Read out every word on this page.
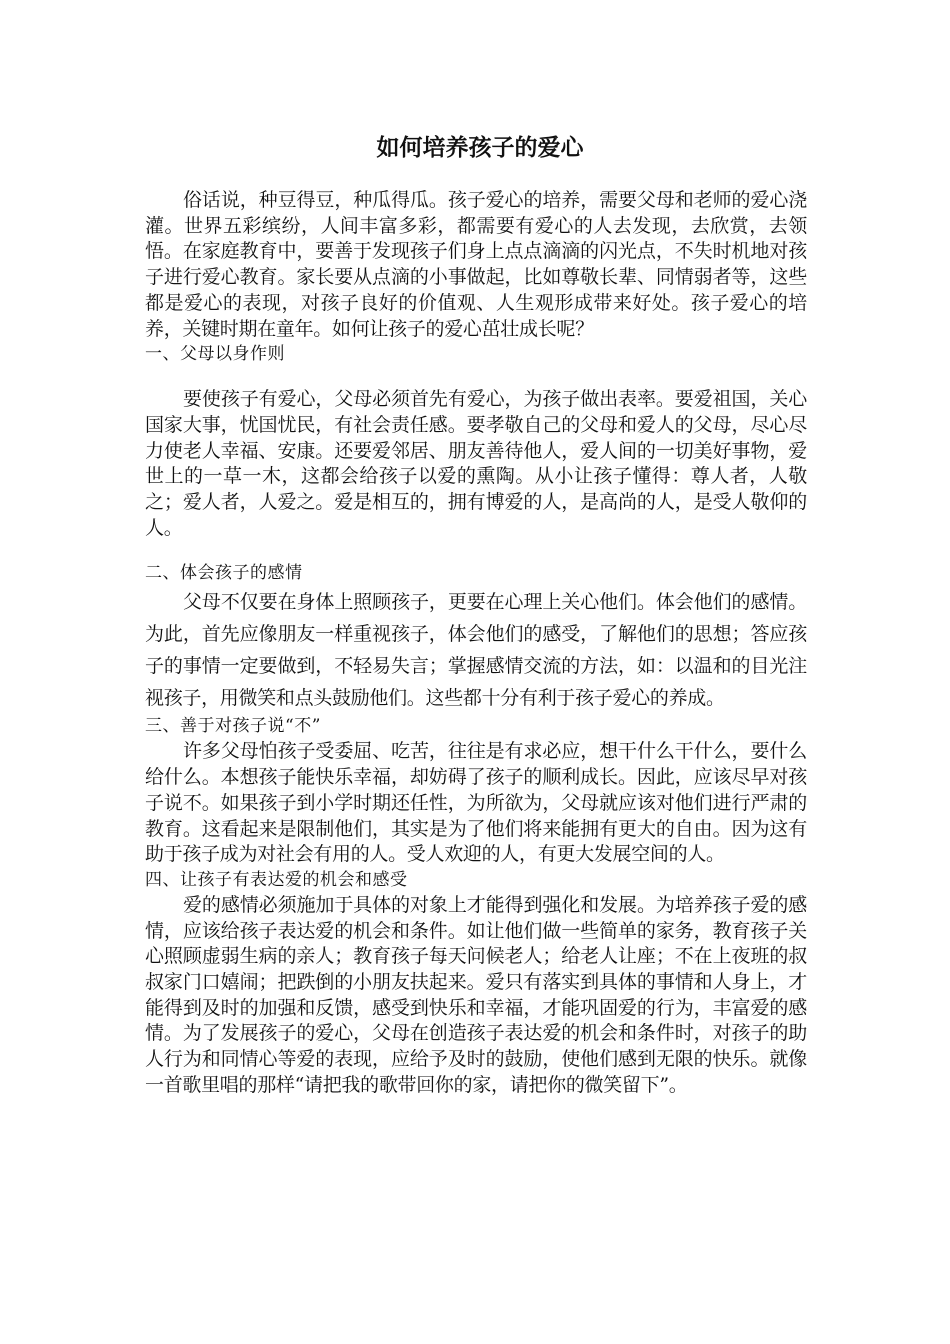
如何培养孩子的爱心

俗话说，种豆得豆，种瓜得瓜。孩子爱心的培养，需要父母和老师的爱心浇灌。世界五彩缤纷，人间丰富多彩，都需要有爱心的人去发现，去欣赏，去领悟。在家庭教育中，要善于发现孩子们身上点点滴滴的闪光点，不失时机地对孩子进行爱心教育。家长要从点滴的小事做起，比如尊敬长辈、同情弱者等，这些都是爱心的表现，对孩子良好的价值观、人生观形成带来好处。孩子爱心的培养，关键时期在童年。如何让孩子的爱心茁壮成长呢？

一、父母以身作则

要使孩子有爱心，父母必须首先有爱心，为孩子做出表率。要爱祖国，关心国家大事，忧国忧民，有社会责任感。要孝敬自己的父母和爱人的父母，尽心尽力使老人幸福、安康。还要爱邻居、朋友善待他人，爱人间的一切美好事物，爱世上的一草一木，这都会给孩子以爱的熏陶。从小让孩子懂得：尊人者，人敬之；爱人者，人爱之。爱是相互的，拥有博爱的人，是高尚的人，是受人敬仰的人。

二、体会孩子的感情

父母不仅要在身体上照顾孩子，更要在心理上关心他们。体会他们的感情。为此，首先应像朋友一样重视孩子，体会他们的感受，了解他们的思想；答应孩子的事情一定要做到，不轻易失言；掌握感情交流的方法，如：以温和的目光注视孩子，用微笑和点头鼓励他们。这些都十分有利于孩子爱心的养成。

三、善于对孩子说“不”

许多父母怕孩子受委屈、吃苦，往往是有求必应，想干什么干什么，要什么给什么。本想孩子能快乐幸福，却妨碍了孩子的顺利成长。因此，应该尽早对孩子说不。如果孩子到小学时期还任性，为所欲为，父母就应该对他们进行严肃的教育。这看起来是限制他们，其实是为了他们将来能拥有更大的自由。因为这有助于孩子成为对社会有用的人。受人欢迎的人，有更大发展空间的人。

四、让孩子有表达爱的机会和感受

爱的感情必须施加于具体的对象上才能得到强化和发展。为培养孩子爱的感情，应该给孩子表达爱的机会和条件。如让他们做一些简单的家务，教育孩子关心照顾虚弱生病的亲人；教育孩子每天问候老人；给老人让座；不在上夜班的叔叔家门口嬉闹；把跌倒的小朋友扶起来。爱只有落实到具体的事情和人身上，才能得到及时的加强和反馈，感受到快乐和幸福，才能巩固爱的行为，丰富爱的感情。为了发展孩子的爱心，父母在创造孩子表达爱的机会和条件时，对孩子的助人行为和同情心等爱的表现，应给予及时的鼓励，使他们感到无限的快乐。就像一首歌里唱的那样“请把我的歌带回你的家，请把你的微笑留下”。
